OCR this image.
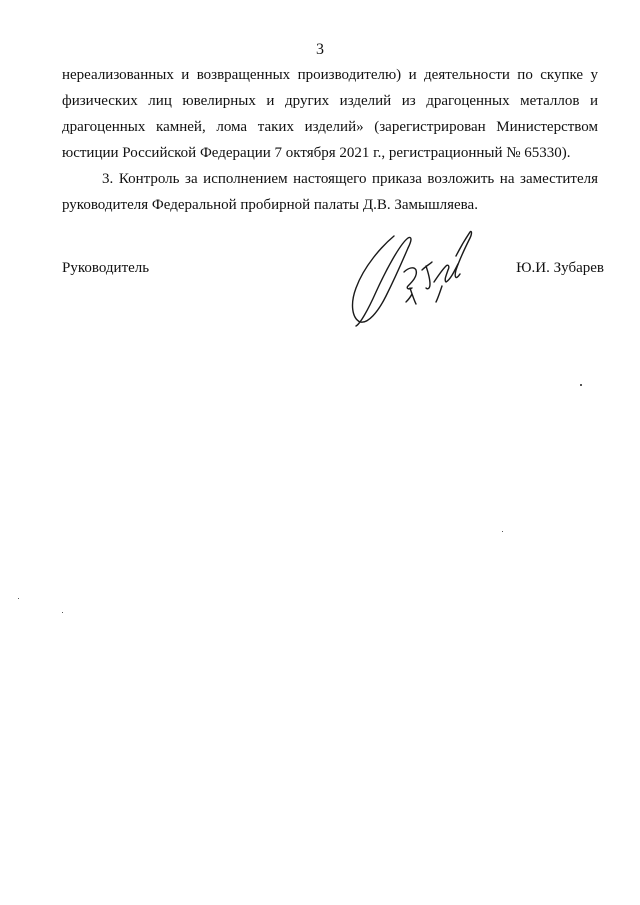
3

нереализованных и возвращенных производителю) и деятельности по скупке у физических лиц ювелирных и других изделий из драгоценных металлов и драгоценных камней, лома таких изделий» (зарегистрирован Министерством юстиции Российской Федерации 7 октября 2021 г., регистрационный № 65330).

3. Контроль за исполнением настоящего приказа возложить на заместителя руководителя Федеральной пробирной палаты Д.В. Замышляева.

Руководитель	Ю.И. Зубарев
